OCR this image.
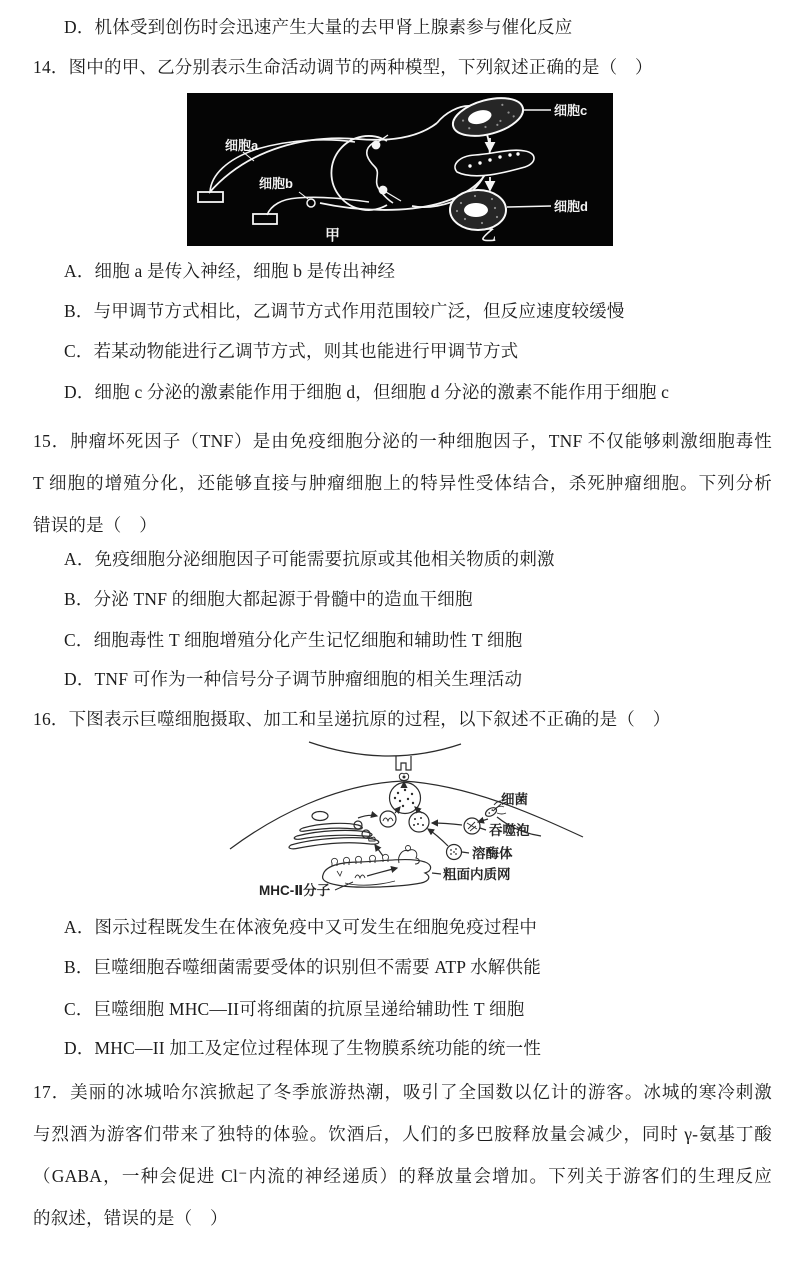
D．机体受到创伤时会迅速产生大量的去甲肾上腺素参与催化反应
14．图中的甲、乙分别表示生命活动调节的两种模型，下列叙述正确的是（　）
细胞a
细胞b
甲
细胞c
细胞d
乙
A．细胞 a 是传入神经，细胞 b 是传出神经
B．与甲调节方式相比，乙调节方式作用范围较广泛，但反应速度较缓慢
C．若某动物能进行乙调节方式，则其也能进行甲调节方式
D．细胞 c 分泌的激素能作用于细胞 d，但细胞 d 分泌的激素不能作用于细胞 c
15．肿瘤坏死因子（TNF）是由免疫细胞分泌的一种细胞因子，TNF 不仅能够刺激细胞毒性
T 细胞的增殖分化，还能够直接与肿瘤细胞上的特异性受体结合，杀死肿瘤细胞。下列分析
错误的是（　）
A．免疫细胞分泌细胞因子可能需要抗原或其他相关物质的刺激
B．分泌 TNF 的细胞大都起源于骨髓中的造血干细胞
C．细胞毒性 T 细胞增殖分化产生记忆细胞和辅助性 T 细胞
D．TNF 可作为一种信号分子调节肿瘤细胞的相关生理活动
16．下图表示巨噬细胞摄取、加工和呈递抗原的过程，以下叙述不正确的是（　）
细菌
吞噬泡
溶酶体
粗面内质网
MHC-Ⅱ分子
A．图示过程既发生在体液免疫中又可发生在细胞免疫过程中
B．巨噬细胞吞噬细菌需要受体的识别但不需要 ATP 水解供能
C．巨噬细胞 MHC—II可将细菌的抗原呈递给辅助性 T 细胞
D．MHC—II 加工及定位过程体现了生物膜系统功能的统一性
17．美丽的冰城哈尔滨掀起了冬季旅游热潮，吸引了全国数以亿计的游客。冰城的寒冷刺激
与烈酒为游客们带来了独特的体验。饮酒后，人们的多巴胺释放量会减少，同时 γ-氨基丁酸
（GABA，一种会促进 Cl⁻内流的神经递质）的释放量会增加。下列关于游客们的生理反应
的叙述，错误的是（　）
